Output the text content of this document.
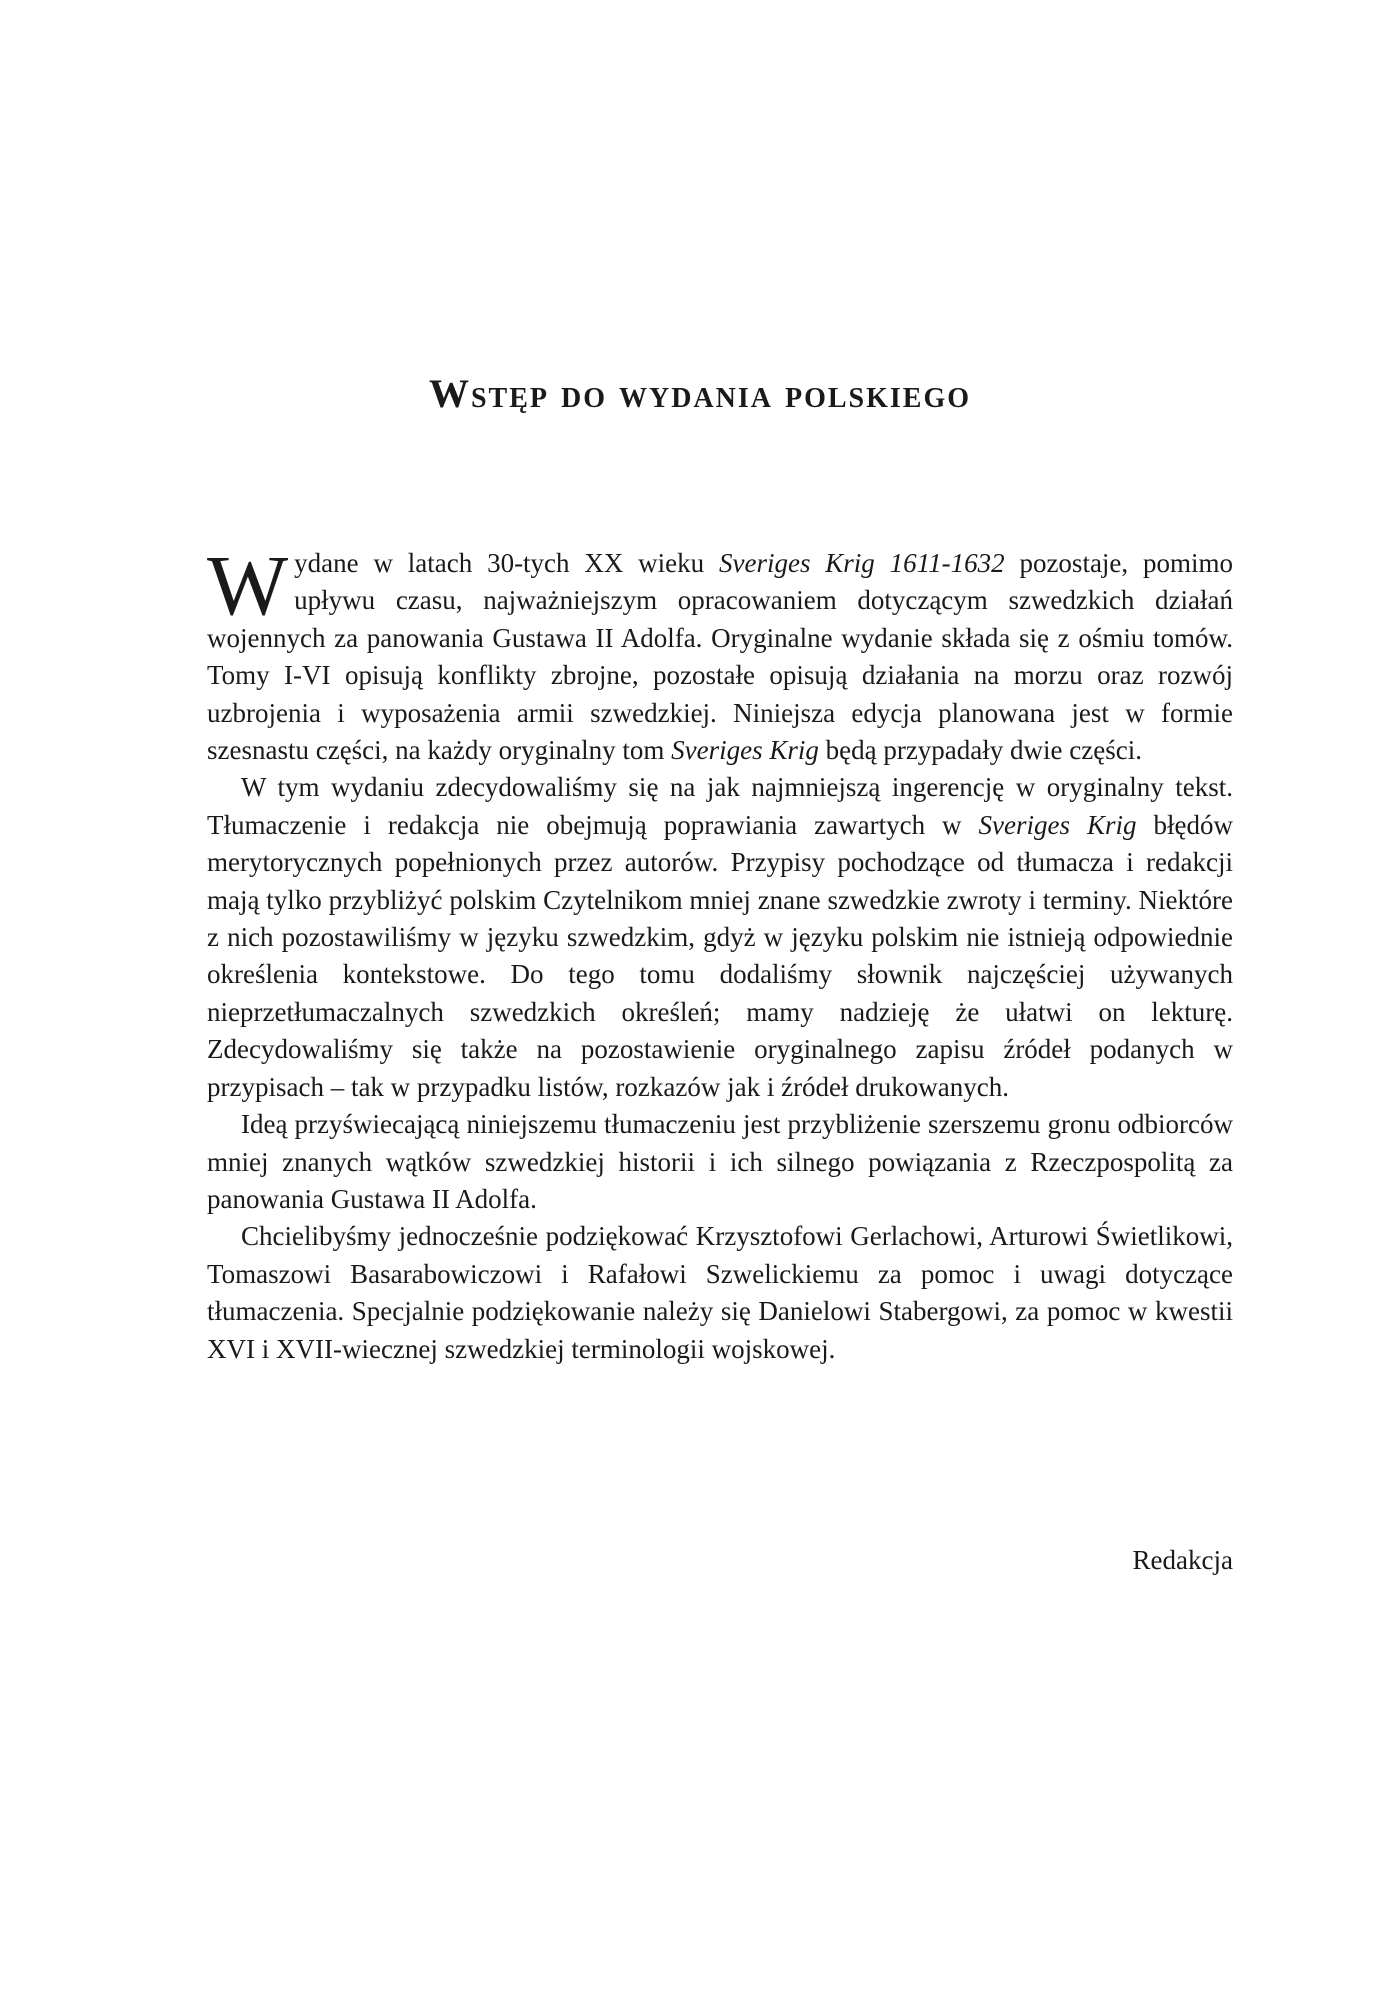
Wstęp do wydania polskiego

Wydane w latach 30-tych XX wieku Sveriges Krig 1611-1632 pozostaje, pomimo upływu czasu, najważniejszym opracowaniem dotyczącym szwedzkich działań wojennych za panowania Gustawa II Adolfa. Oryginalne wydanie składa się z ośmiu tomów. Tomy I-VI opisują konflikty zbrojne, pozostałe opisują działania na morzu oraz rozwój uzbrojenia i wyposażenia armii szwedzkiej. Niniejsza edycja planowana jest w formie szesnastu części, na każdy oryginalny tom Sveriges Krig będą przypadały dwie części.

W tym wydaniu zdecydowaliśmy się na jak najmniejszą ingerencję w oryginalny tekst. Tłumaczenie i redakcja nie obejmują poprawiania zawartych w Sveriges Krig błędów merytorycznych popełnionych przez autorów. Przypisy pochodzące od tłumacza i redakcji mają tylko przybliżyć polskim Czytelnikom mniej znane szwedzkie zwroty i terminy. Niektóre z nich pozostawiliśmy w języku szwedzkim, gdyż w języku polskim nie istnieją odpowiednie określenia kontekstowe. Do tego tomu dodaliśmy słownik najczęściej używanych nieprzetłumaczalnych szwedzkich określeń; mamy nadzieję że ułatwi on lekturę. Zdecydowaliśmy się także na pozostawienie oryginalnego zapisu źródeł podanych w przypisach – tak w przypadku listów, rozkazów jak i źródeł drukowanych.

Ideą przyświecającą niniejszemu tłumaczeniu jest przybliżenie szerszemu gronu odbiorców mniej znanych wątków szwedzkiej historii i ich silnego powiązania z Rzeczpospolitą za panowania Gustawa II Adolfa.

Chcielibyśmy jednocześnie podziękować Krzysztofowi Gerlachowi, Arturowi Świetlikowi, Tomaszowi Basarabowiczowi i Rafałowi Szwelickiemu za pomoc i uwagi dotyczące tłumaczenia. Specjalnie podziękowanie należy się Danielowi Stabergowi, za pomoc w kwestii XVI i XVII-wiecznej szwedzkiej terminologii wojskowej.

Redakcja
